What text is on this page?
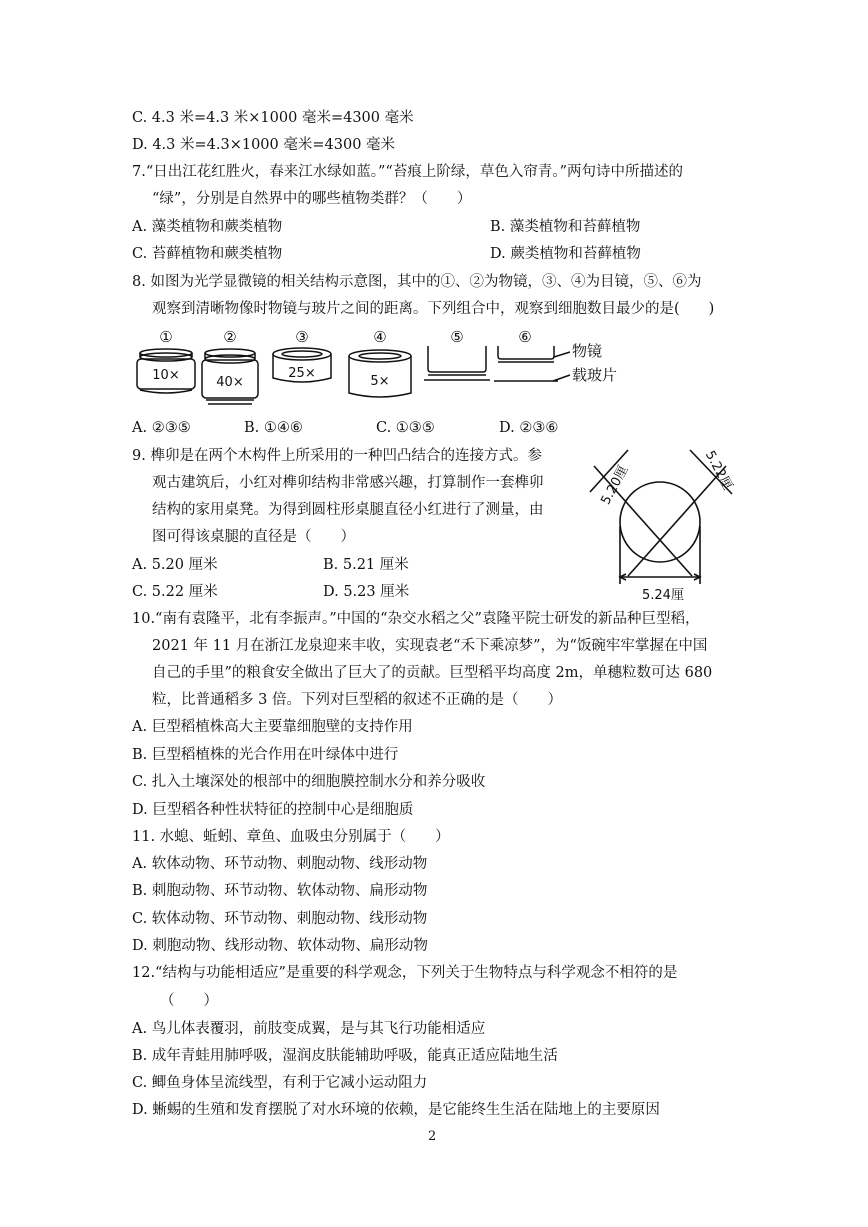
C. 4.3 米=4.3 米×1000 毫米=4300 毫米
D. 4.3 米=4.3×1000 毫米=4300 毫米
7.“日出江花红胜火，春来江水绿如蓝。”“苔痕上阶绿，草色入帘青。”两句诗中所描述的
“绿”，分别是自然界中的哪些植物类群？（　　）
A. 藻类植物和蕨类植物	B. 藻类植物和苔藓植物
C. 苔藓植物和蕨类植物	D. 蕨类植物和苔藓植物
8. 如图为光学显微镜的相关结构示意图，其中的①、②为物镜，③、④为目镜，⑤、⑥为
观察到清晰物像时物镜与玻片之间的距离。下列组合中，观察到细胞数目最少的是(　　)
①	②	③	④	⑤	⑥
10×	40×
25×
5×
物镜
载玻片
A. ②③⑤	B. ①④⑥	C. ①③⑤	D. ②③⑥
9. 榫卯是在两个木构件上所采用的一种凹凸结合的连接方式。参
观古建筑后，小红对榫卯结构非常感兴趣，打算制作一套榫卯
结构的家用桌凳。为得到圆柱形桌腿直径小红进行了测量，由
图可得该桌腿的直径是（　　）
A. 5.20 厘米	B. 5.21 厘米
C. 5.22 厘米	D. 5.23 厘米
5.20厘	5.22厘
5.24厘
10.“南有袁隆平，北有李振声。”中国的“杂交水稻之父”袁隆平院士研发的新品种巨型稻，
2021 年 11 月在浙江龙泉迎来丰收，实现袁老“禾下乘凉梦”，为“饭碗牢牢掌握在中国
自己的手里”的粮食安全做出了巨大了的贡献。巨型稻平均高度 2m，单穗粒数可达 680
粒，比普通稻多 3 倍。下列对巨型稻的叙述不正确的是（　　）
A. 巨型稻植株高大主要靠细胞壁的支持作用
B. 巨型稻植株的光合作用在叶绿体中进行
C. 扎入土壤深处的根部中的细胞膜控制水分和养分吸收
D. 巨型稻各种性状特征的控制中心是细胞质
11. 水螅、蚯蚓、章鱼、血吸虫分别属于（　　）
A. 软体动物、环节动物、刺胞动物、线形动物
B. 刺胞动物、环节动物、软体动物、扁形动物
C. 软体动物、环节动物、刺胞动物、线形动物
D. 刺胞动物、线形动物、软体动物、扁形动物
12.“结构与功能相适应”是重要的科学观念，下列关于生物特点与科学观念不相符的是
（　　）
A. 鸟儿体表覆羽，前肢变成翼，是与其飞行功能相适应
B. 成年青蛙用肺呼吸，湿润皮肤能辅助呼吸，能真正适应陆地生活
C. 鲫鱼身体呈流线型，有利于它减小运动阻力
D. 蜥蜴的生殖和发育摆脱了对水环境的依赖，是它能终生生活在陆地上的主要原因
2
